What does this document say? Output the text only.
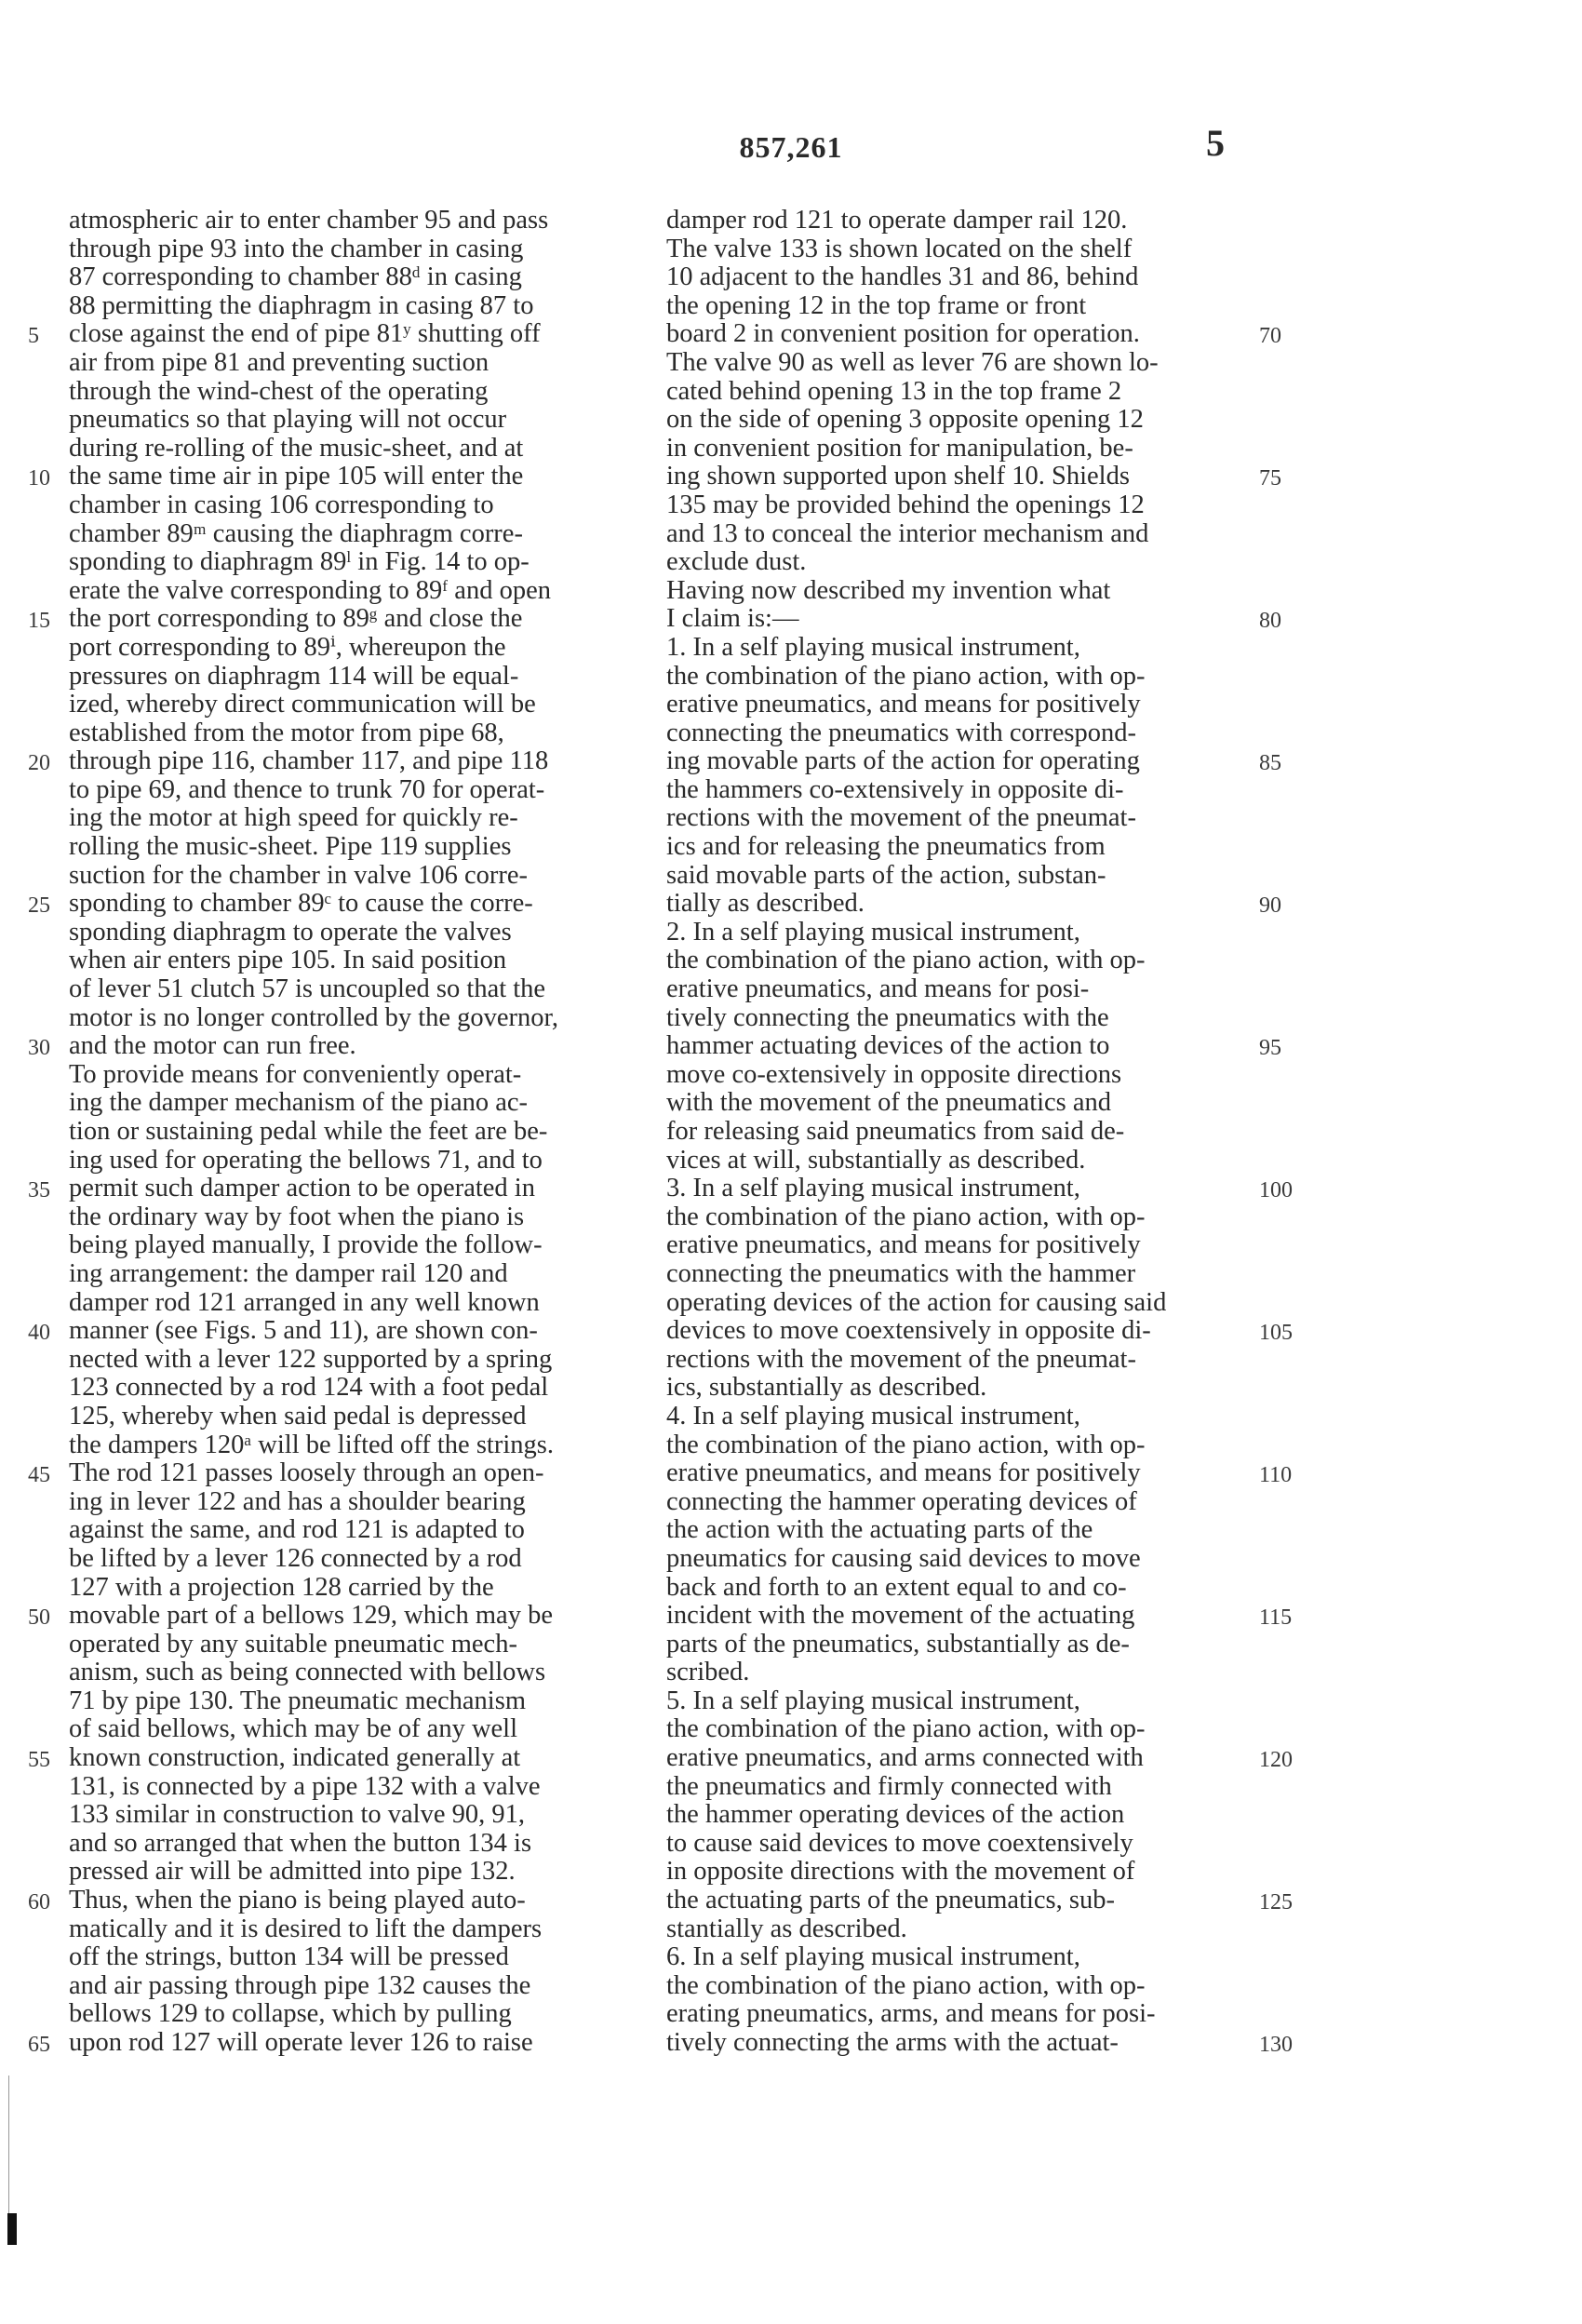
857,261	5
atmospheric air to enter chamber 95 and pass
through pipe 93 into the chamber in casing
87 corresponding to chamber 88ᵈ in casing
88 permitting the diaphragm in casing 87 to
close against the end of pipe 81ʸ shutting off
air from pipe 81 and preventing suction
through the wind-chest of the operating
pneumatics so that playing will not occur
during re-rolling of the music-sheet, and at
the same time air in pipe 105 will enter the
chamber in casing 106 corresponding to
chamber 89ᵐ causing the diaphragm corre-
sponding to diaphragm 89ˡ in Fig. 14 to op-
erate the valve corresponding to 89ᶠ and open
the port corresponding to 89ᵍ and close the
port corresponding to 89ⁱ, whereupon the
pressures on diaphragm 114 will be equal-
ized, whereby direct communication will be
established from the motor from pipe 68,
through pipe 116, chamber 117, and pipe 118
to pipe 69, and thence to trunk 70 for operat-
ing the motor at high speed for quickly re-
rolling the music-sheet. Pipe 119 supplies
suction for the chamber in valve 106 corre-
sponding to chamber 89ᶜ to cause the corre-
sponding diaphragm to operate the valves
when air enters pipe 105. In said position
of lever 51 clutch 57 is uncoupled so that the
motor is no longer controlled by the governor,
and the motor can run free.
To provide means for conveniently operat-
ing the damper mechanism of the piano ac-
tion or sustaining pedal while the feet are be-
ing used for operating the bellows 71, and to
permit such damper action to be operated in
the ordinary way by foot when the piano is
being played manually, I provide the follow-
ing arrangement: the damper rail 120 and
damper rod 121 arranged in any well known
manner (see Figs. 5 and 11), are shown con-
nected with a lever 122 supported by a spring
123 connected by a rod 124 with a foot pedal
125, whereby when said pedal is depressed
the dampers 120ᵃ will be lifted off the strings.
The rod 121 passes loosely through an open-
ing in lever 122 and has a shoulder bearing
against the same, and rod 121 is adapted to
be lifted by a lever 126 connected by a rod
127 with a projection 128 carried by the
movable part of a bellows 129, which may be
operated by any suitable pneumatic mech-
anism, such as being connected with bellows
71 by pipe 130. The pneumatic mechanism
of said bellows, which may be of any well
known construction, indicated generally at
131, is connected by a pipe 132 with a valve
133 similar in construction to valve 90, 91,
and so arranged that when the button 134 is
pressed air will be admitted into pipe 132.
Thus, when the piano is being played auto-
matically and it is desired to lift the dampers
off the strings, button 134 will be pressed
and air passing through pipe 132 causes the
bellows 129 to collapse, which by pulling
upon rod 127 will operate lever 126 to raise
damper rod 121 to operate damper rail 120.
The valve 133 is shown located on the shelf
10 adjacent to the handles 31 and 86, behind
the opening 12 in the top frame or front
board 2 in convenient position for operation.
The valve 90 as well as lever 76 are shown lo-
cated behind opening 13 in the top frame 2
on the side of opening 3 opposite opening 12
in convenient position for manipulation, be-
ing shown supported upon shelf 10. Shields
135 may be provided behind the openings 12
and 13 to conceal the interior mechanism and
exclude dust.
Having now described my invention what
I claim is:—
1. In a self playing musical instrument,
the combination of the piano action, with op-
erative pneumatics, and means for positively
connecting the pneumatics with correspond-
ing movable parts of the action for operating
the hammers co-extensively in opposite di-
rections with the movement of the pneumat-
ics and for releasing the pneumatics from
said movable parts of the action, substan-
tially as described.
2. In a self playing musical instrument,
the combination of the piano action, with op-
erative pneumatics, and means for posi-
tively connecting the pneumatics with the
hammer actuating devices of the action to
move co-extensively in opposite directions
with the movement of the pneumatics and
for releasing said pneumatics from said de-
vices at will, substantially as described.
3. In a self playing musical instrument,
the combination of the piano action, with op-
erative pneumatics, and means for positively
connecting the pneumatics with the hammer
operating devices of the action for causing said
devices to move coextensively in opposite di-
rections with the movement of the pneumat-
ics, substantially as described.
4. In a self playing musical instrument,
the combination of the piano action, with op-
erative pneumatics, and means for positively
connecting the hammer operating devices of
the action with the actuating parts of the
pneumatics for causing said devices to move
back and forth to an extent equal to and co-
incident with the movement of the actuating
parts of the pneumatics, substantially as de-
scribed.
5. In a self playing musical instrument,
the combination of the piano action, with op-
erative pneumatics, and arms connected with
the pneumatics and firmly connected with
the hammer operating devices of the action
to cause said devices to move coextensively
in opposite directions with the movement of
the actuating parts of the pneumatics, sub-
stantially as described.
6. In a self playing musical instrument,
the combination of the piano action, with op-
erating pneumatics, arms, and means for posi-
tively connecting the arms with the actuat-
5
10
15
20
25
30
35
40
45
50
55
60
65
70
75
80
85
90
95
100
105
110
115
120
125
130
